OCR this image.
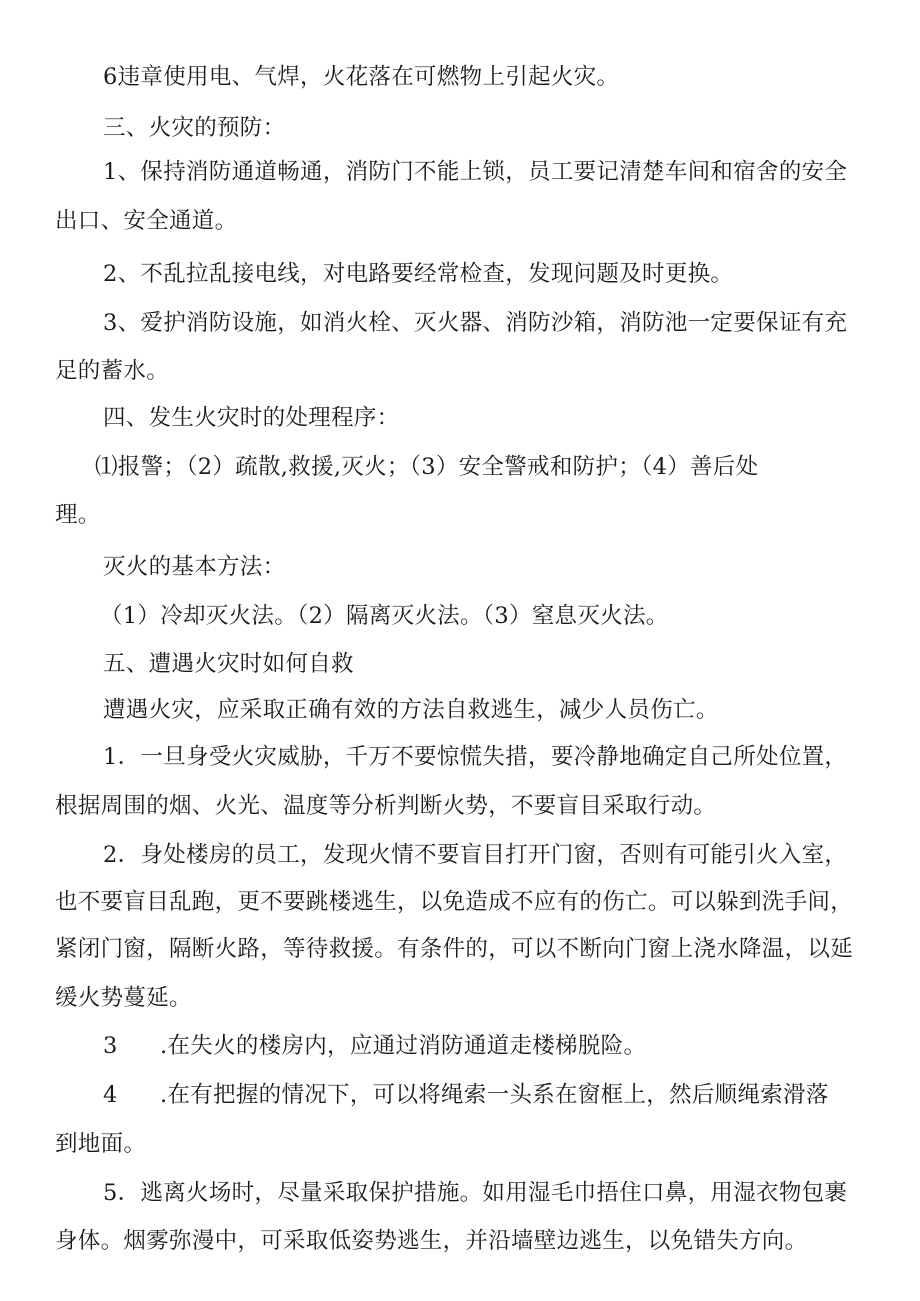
6违章使用电、气焊，火花落在可燃物上引起火灾。
三、火灾的预防：
1、保持消防通道畅通，消防门不能上锁，员工要记清楚车间和宿舍的安全
出口、安全通道。
2、不乱拉乱接电线，对电路要经常检查，发现问题及时更换。
3、爱护消防设施，如消火栓、灭火器、消防沙箱，消防池一定要保证有充
足的蓄水。
四、发生火灾时的处理程序：
⑴报警；（2）疏散,救援,灭火；（3）安全警戒和防护；（4）善后处
理。
灭火的基本方法：
（1）冷却灭火法。（2）隔离灭火法。（3）窒息灭火法。
五、遭遇火灾时如何自救
遭遇火灾，应采取正确有效的方法自救逃生，减少人员伤亡。
1．一旦身受火灾威胁，千万不要惊慌失措，要冷静地确定自己所处位置，
根据周围的烟、火光、温度等分析判断火势，不要盲目采取行动。
2．身处楼房的员工，发现火情不要盲目打开门窗，否则有可能引火入室，
也不要盲目乱跑，更不要跳楼逃生，以免造成不应有的伤亡。可以躲到洗手间，
紧闭门窗，隔断火路，等待救援。有条件的，可以不断向门窗上浇水降温，以延
缓火势蔓延。
3 .在失火的楼房内，应通过消防通道走楼梯脱险。
4 .在有把握的情况下，可以将绳索一头系在窗框上，然后顺绳索滑落
到地面。
5．逃离火场时，尽量采取保护措施。如用湿毛巾捂住口鼻，用湿衣物包裹
身体。烟雾弥漫中，可采取低姿势逃生，并沿墙壁边逃生，以免错失方向。
